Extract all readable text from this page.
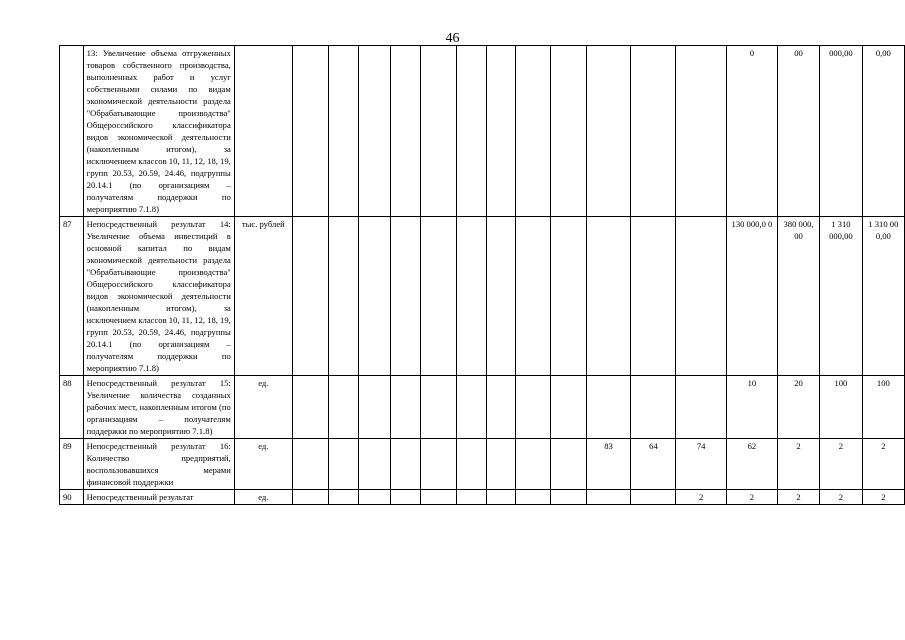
46
	13: Увеличение объема отгруженных товаров собственного производства, выполненных работ и услуг собственными силами по видам экономической деятельности раздела "Обрабатывающие производства" Общероссийского классификатора видов экономической деятельности (накопленным итогом), за исключением классов 10, 11, 12, 18, 19, групп 20.53, 20.59, 24.46, подгруппы 20.14.1 (по организациям – получателям поддержки по мероприятию 7.1.8)														0	00	000,00	0,00
87	Непосредственный результат 14: Увеличение объема инвестиций в основной капитал по видам экономической деятельности раздела "Обрабатывающие производства" Общероссийского классификатора видов экономической деятельности (накопленным итогом), за исключением классов 10, 11, 12, 18, 19, групп 20.53, 20.59, 24.46, подгруппы 20.14.1 (по организациям – получателям поддержки по мероприятию 7.1.8)	тыс. рублей													130 000,0 0	380 000, 00	1 310 000,00	1 310 00 0,00
88	Непосредственный результат 15: Увеличение количества созданных рабочих мест, накопленным итогом (по организациям – получателям поддержки по мероприятию 7.1.8)	ед.													10	20	100	100
89	Непосредственный результат 16: Количество предприятий, воспользовавшихся мерами финансовой поддержки	ед.										83	64	74	62	2	2	2
90	Непосредственный результат	ед.												2	2	2	2	2
